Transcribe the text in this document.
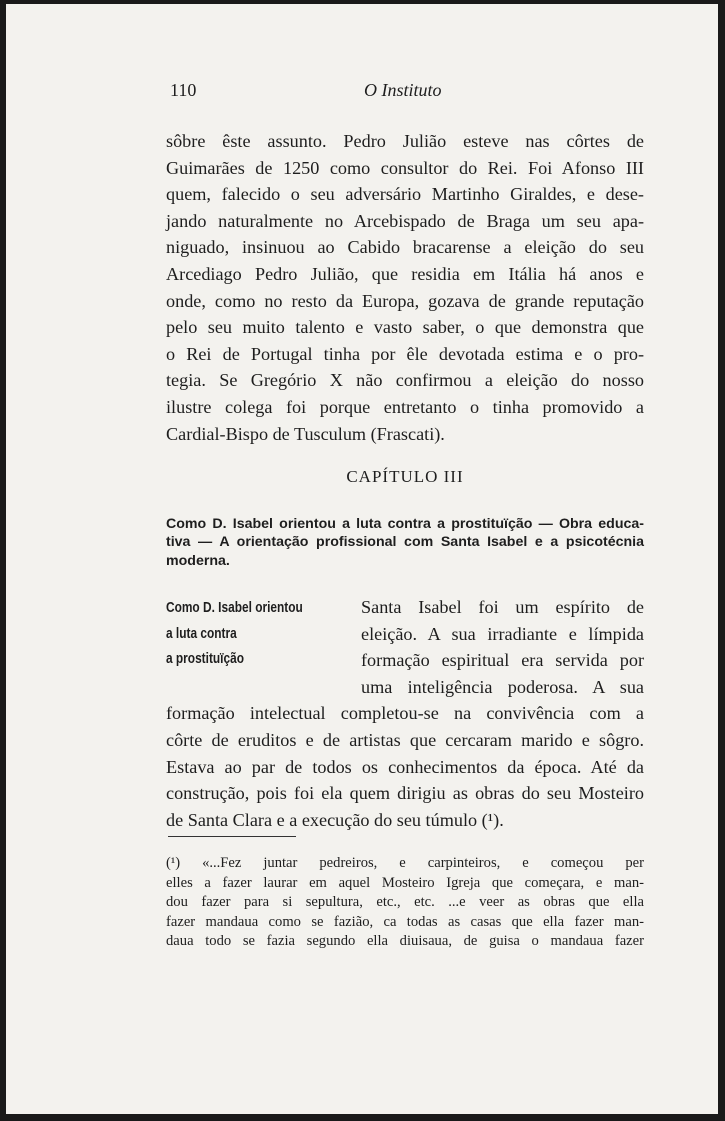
110	O Instituto
sôbre êste assunto. Pedro Julião esteve nas côrtes de
Guimarães de 1250 como consultor do Rei. Foi Afonso III
quem, falecido o seu adversário Martinho Giraldes, e dese-
jando naturalmente no Arcebispado de Braga um seu apa-
niguado, insinuou ao Cabido bracarense a eleição do seu
Arcediago Pedro Julião, que residia em Itália há anos e
onde, como no resto da Europa, gozava de grande reputação
pelo seu muito talento e vasto saber, o que demonstra que
o Rei de Portugal tinha por êle devotada estima e o pro-
tegia. Se Gregório X não confirmou a eleição do nosso
ilustre colega foi porque entretanto o tinha promovido a
Cardial-Bispo de Tusculum (Frascati).
CAPÍTULO III
Como D. Isabel orientou a luta contra a prostituïção — Obra educa-
tiva — A orientação profissional com Santa Isabel e a psicotécnia
moderna.
Como D. Isabel orientou
a luta contra
a prostituïção
Santa Isabel foi um espírito de
eleição. A sua irradiante e límpida
formação espiritual era servida por
uma inteligência poderosa. A sua
formação intelectual completou-se na convivência com a
côrte de eruditos e de artistas que cercaram marido e sôgro.
Estava ao par de todos os conhecimentos da época. Até da
construção, pois foi ela quem dirigiu as obras do seu Mosteiro
de Santa Clara e a execução do seu túmulo (¹).
(¹) «...Fez juntar pedreiros, e carpinteiros, e começou per
elles a fazer laurar em aquel Mosteiro Igreja que começara, e man-
dou fazer para si sepultura, etc., etc. ...e veer as obras que ella
fazer mandaua como se fazião, ca todas as casas que ella fazer man-
daua todo se fazia segundo ella diuisaua, de guisa o mandaua fazer
